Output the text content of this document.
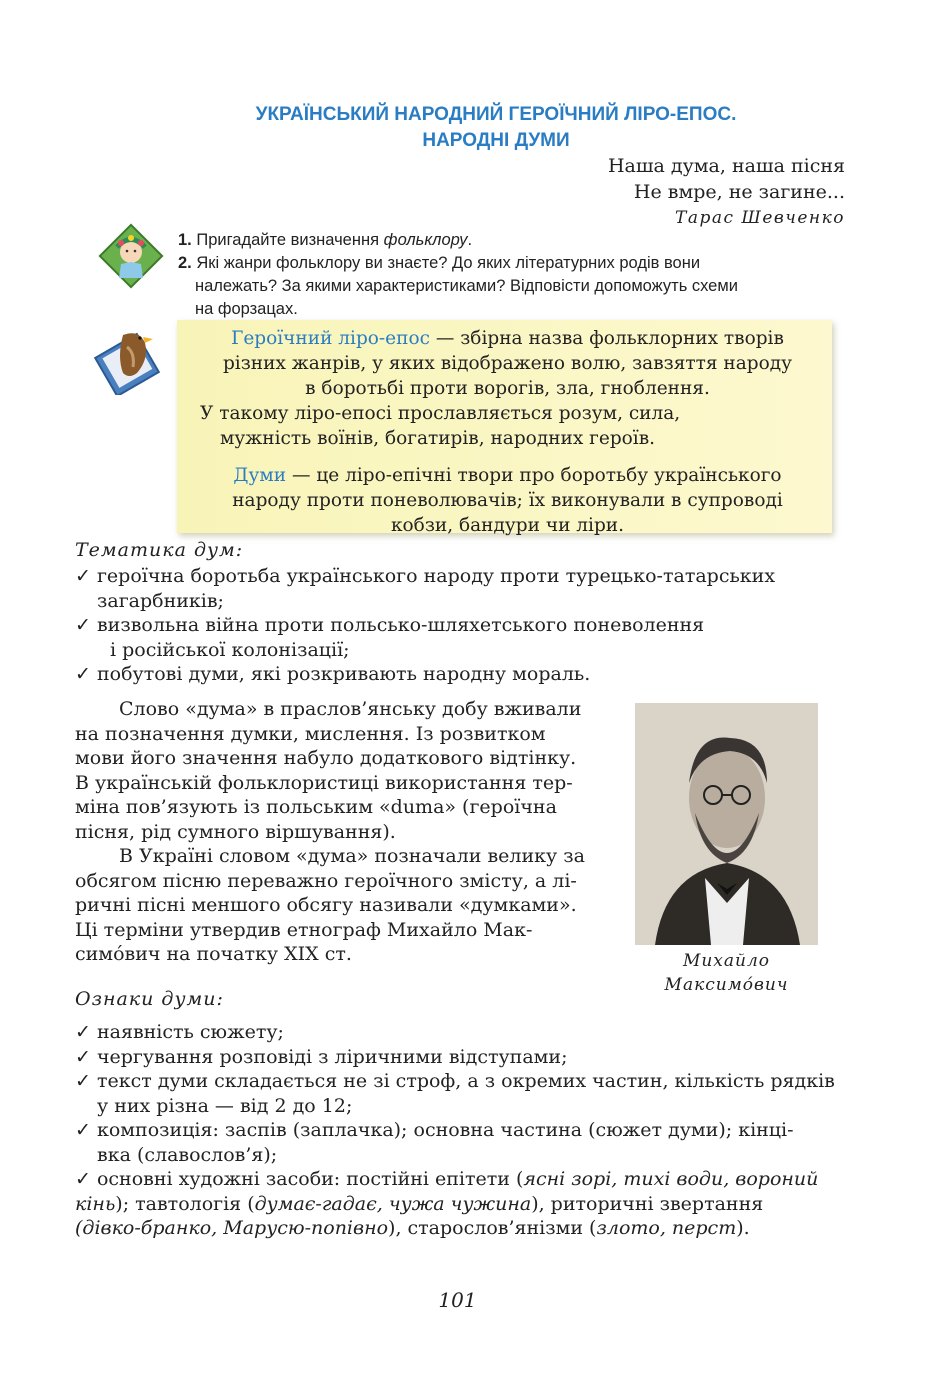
УКРАЇНСЬКИЙ НАРОДНИЙ ГЕРОЇЧНИЙ ЛІРО-ЕПОС.
НАРОДНІ ДУМИ
Наша дума, наша пісня
Не вмре, не загине...
Тарас Шевченко
1. Пригадайте визначення фольклору.
2. Які жанри фольклору ви знаєте? До яких літературних родів вони
належать? За якими характеристиками? Відповісти допоможуть схеми
на форзацах.
Героїчний ліро-епос — збірна назва фольклорних творів
різних жанрів, у яких відображено волю, завзяття народу
в боротьбі проти ворогів, зла, гноблення.
У такому ліро-епосі прославляється розум, сила,
мужність воїнів, богатирів, народних героїв.
Думи — це ліро-епічні твори про боротьбу українського
народу проти поневолювачів; їх виконували в супроводі
кобзи, бандури чи ліри.
Тематика дум:
✓ героїчна боротьба українського народу проти турецько-татарських
загарбників;
✓ визвольна війна проти польсько-шляхетського поневолення
і російської колонізації;
✓ побутові думи, які розкривають народну мораль.
Слово «дума» в праслов’янську добу вживали
на позначення думки, мислення. Із розвитком
мови його значення набуло додаткового відтінку.
В українській фольклористиці використання тер-
міна пов’язують із польським «duma» (героїчна
пісня, рід сумного віршування).
В Україні словом «дума» позначали велику за
обсягом пісню переважно героїчного змісту, а лі-
ричні пісні меншого обсягу називали «думками».
Ці терміни утвердив етнограф Михайло Мак-
симо́вич на початку XIX ст.	Михайло
Максимо́вич
Ознаки думи:
✓ наявність сюжету;
✓ чергування розповіді з ліричними відступами;
✓ текст думи складається не зі строф, а з окремих частин, кількість рядків
у них різна — від 2 до 12;
✓ композиція: заспів (заплачка); основна частина (сюжет думи); кінці-
вка (славослов’я);
✓ основні художні засоби: постійні епітети (ясні зорі, тихі води, вороний
кінь); тавтологія (думає-гадає, чужа чужина), риторичні звертання
(дівко-бранко, Марусю-попівно), старослов’янізми (злото, перст).
101
